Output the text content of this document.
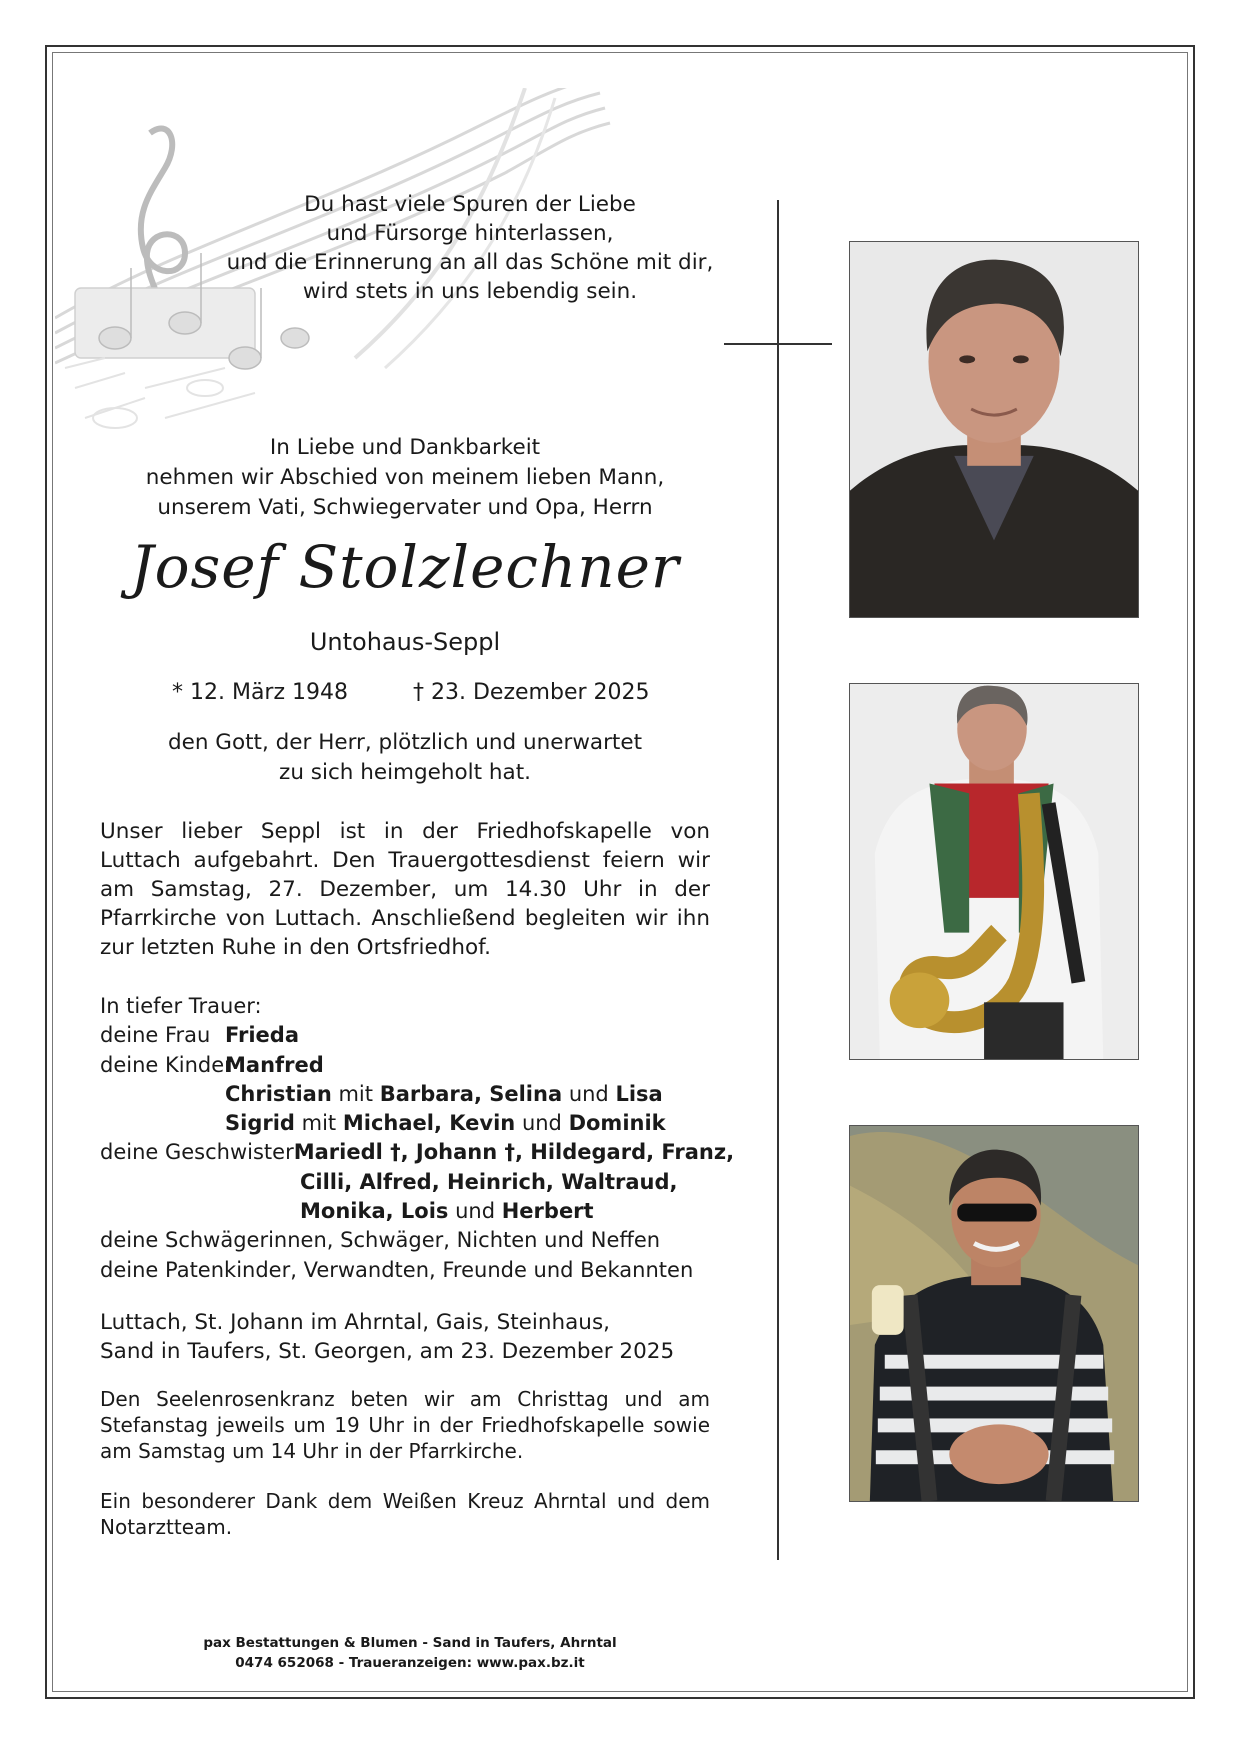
Du hast viele Spuren der Liebe
und Fürsorge hinterlassen,
und die Erinnerung an all das Schöne mit dir,
wird stets in uns lebendig sein.
In Liebe und Dankbarkeit
nehmen wir Abschied von meinem lieben Mann,
unserem Vati, Schwiegervater und Opa, Herrn
Josef Stolzlechner
Untohaus-Seppl
* 12. März 1948	† 23. Dezember 2025
den Gott, der Herr, plötzlich und unerwartet
zu sich heimgeholt hat.
Unser lieber Seppl ist in der Friedhofskapelle von Luttach aufgebahrt. Den Trauergottesdienst feiern wir am Samstag, 27. Dezember, um 14.30 Uhr in der Pfarrkirche von Luttach. Anschließend begleiten wir ihn zur letzten Ruhe in den Ortsfriedhof.
In tiefer Trauer:
deine Frau Frieda
deine Kinder
Manfred
Christian
mit
Barbara, Selina
und
Lisa
Sigrid
mit
Michael, Kevin
und
Dominik
deine Geschwister Mariedl †, Johann †, Hildegard, Franz,
Cilli, Alfred, Heinrich, Waltraud,
Monika, Lois
und
Herbert
deine Schwägerinnen, Schwäger, Nichten und Neffen
deine Patenkinder, Verwandten, Freunde und Bekannten
Luttach, St. Johann im Ahrntal, Gais, Steinhaus,
Sand in Taufers, St. Georgen, am 23. Dezember 2025
Den Seelenrosenkranz beten wir am Christtag und am Stefanstag jeweils um 19 Uhr in der Friedhofskapelle sowie am Samstag um 14 Uhr in der Pfarrkirche.
Ein besonderer Dank dem Weißen Kreuz Ahrntal und dem Notarztteam.
pax Bestattungen & Blumen - Sand in Taufers, Ahrntal
0474 652068 - Traueranzeigen: www.pax.bz.it
